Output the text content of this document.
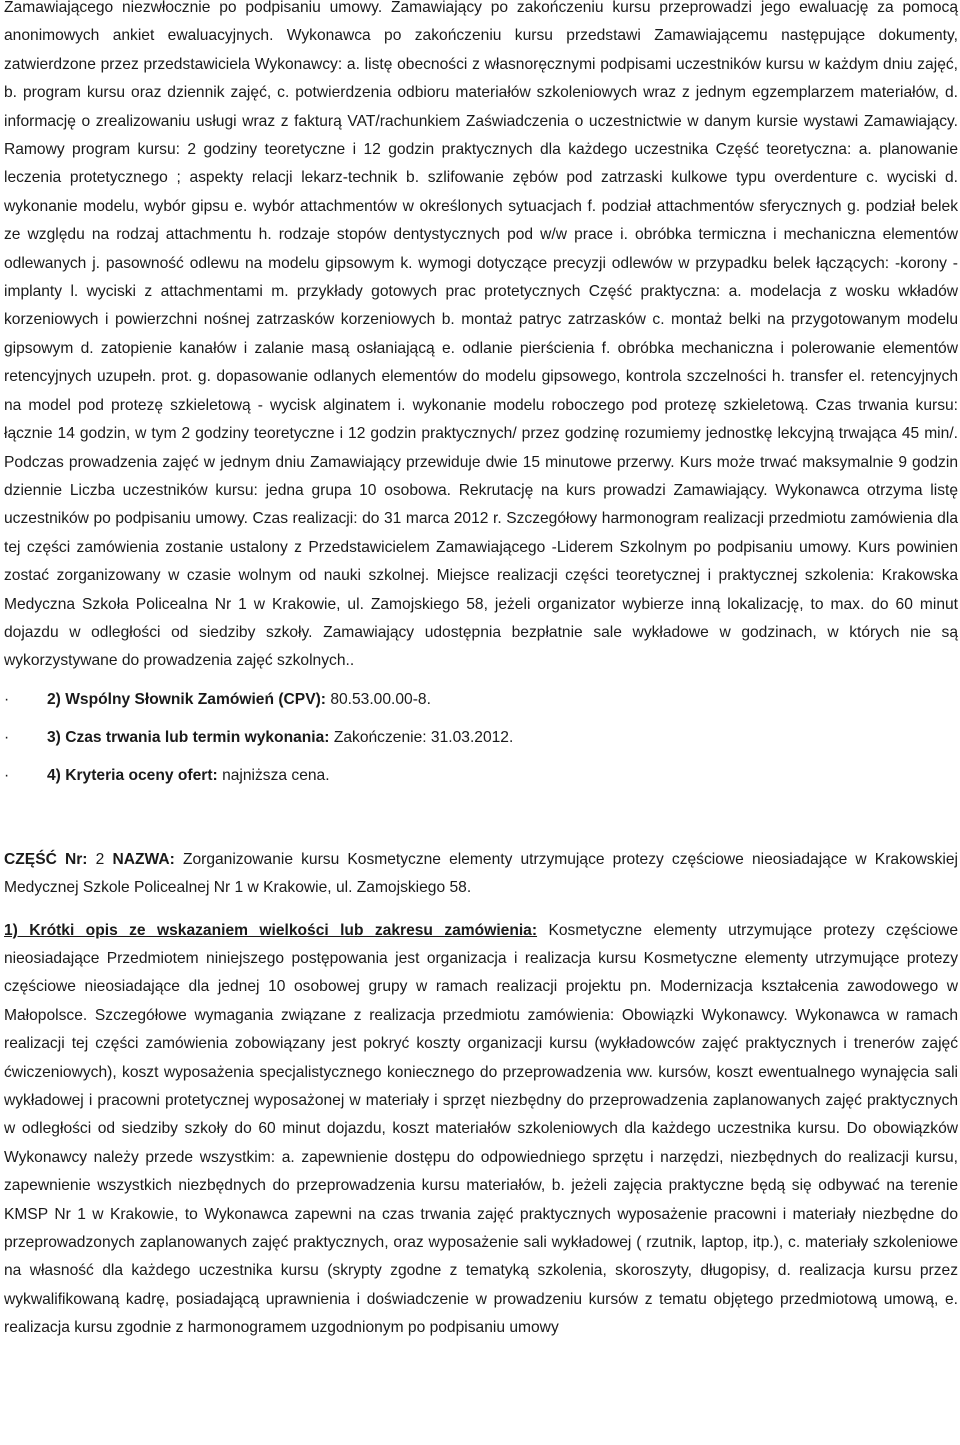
Zamawiającego niezwłocznie po podpisaniu umowy. Zamawiający po zakończeniu kursu przeprowadzi jego ewaluację za pomocą anonimowych ankiet ewaluacyjnych. Wykonawca po zakończeniu kursu przedstawi Zamawiającemu następujące dokumenty, zatwierdzone przez przedstawiciela Wykonawcy: a. listę obecności z własnoręcznymi podpisami uczestników kursu w każdym dniu zajęć, b. program kursu oraz dziennik zajęć, c. potwierdzenia odbioru materiałów szkoleniowych wraz z jednym egzemplarzem materiałów, d. informację o zrealizowaniu usługi wraz z fakturą VAT/rachunkiem Zaświadczenia o uczestnictwie w danym kursie wystawi Zamawiający. Ramowy program kursu: 2 godziny teoretyczne i 12 godzin praktycznych dla każdego uczestnika Część teoretyczna: a. planowanie leczenia protetycznego ; aspekty relacji lekarz-technik b. szlifowanie zębów pod zatrzaski kulkowe typu overdenture c. wyciski d. wykonanie modelu, wybór gipsu e. wybór attachmentów w określonych sytuacjach f. podział attachmentów sferycznych g. podział belek ze względu na rodzaj attachmentu h. rodzaje stopów dentystycznych pod w/w prace i. obróbka termiczna i mechaniczna elementów odlewanych j. pasowność odlewu na modelu gipsowym k. wymogi dotyczące precyzji odlewów w przypadku belek łączących: -korony -implanty l. wyciski z attachmentami m. przykłady gotowych prac protetycznych Część praktyczna: a. modelacja z wosku wkładów korzeniowych i powierzchni nośnej zatrzasków korzeniowych b. montaż patryc zatrzasków c. montaż belki na przygotowanym modelu gipsowym d. zatopienie kanałów i zalanie masą osłaniającą e. odlanie pierścienia f. obróbka mechaniczna i polerowanie elementów retencyjnych uzupełn. prot. g. dopasowanie odlanych elementów do modelu gipsowego, kontrola szczelności h. transfer el. retencyjnych na model pod protezę szkieletową - wycisk alginatem i. wykonanie modelu roboczego pod protezę szkieletową. Czas trwania kursu: łącznie 14 godzin, w tym 2 godziny teoretyczne i 12 godzin praktycznych/ przez godzinę rozumiemy jednostkę lekcyjną trwająca 45 min/. Podczas prowadzenia zajęć w jednym dniu Zamawiający przewiduje dwie 15 minutowe przerwy. Kurs może trwać maksymalnie 9 godzin dziennie Liczba uczestników kursu: jedna grupa 10 osobowa. Rekrutację na kurs prowadzi Zamawiający. Wykonawca otrzyma listę uczestników po podpisaniu umowy. Czas realizacji: do 31 marca 2012 r. Szczegółowy harmonogram realizacji przedmiotu zamówienia dla tej części zamówienia zostanie ustalony z Przedstawicielem Zamawiającego -Liderem Szkolnym po podpisaniu umowy. Kurs powinien zostać zorganizowany w czasie wolnym od nauki szkolnej. Miejsce realizacji części teoretycznej i praktycznej szkolenia: Krakowska Medyczna Szkoła Policealna Nr 1 w Krakowie, ul. Zamojskiego 58, jeżeli organizator wybierze inną lokalizację, to max. do 60 minut dojazdu w odległości od siedziby szkoły. Zamawiający udostępnia bezpłatnie sale wykładowe w godzinach, w których nie są wykorzystywane do prowadzenia zajęć szkolnych..

· 2) Wspólny Słownik Zamówień (CPV): 80.53.00.00-8.
· 3) Czas trwania lub termin wykonania: Zakończenie: 31.03.2012.
· 4) Kryteria oceny ofert: najniższa cena.

CZĘŚĆ Nr: 2 NAZWA: Zorganizowanie kursu Kosmetyczne elementy utrzymujące protezy częściowe nieosiadające w Krakowskiej Medycznej Szkole Policealnej Nr 1 w Krakowie, ul. Zamojskiego 58.

1) Krótki opis ze wskazaniem wielkości lub zakresu zamówienia: Kosmetyczne elementy utrzymujące protezy częściowe nieosiadające Przedmiotem niniejszego postępowania jest organizacja i realizacja kursu Kosmetyczne elementy utrzymujące protezy częściowe nieosiadające dla jednej 10 osobowej grupy w ramach realizacji projektu pn. Modernizacja kształcenia zawodowego w Małopolsce. Szczegółowe wymagania związane z realizacja przedmiotu zamówienia: Obowiązki Wykonawcy. Wykonawca w ramach realizacji tej części zamówienia zobowiązany jest pokryć koszty organizacji kursu (wykładowców zajęć praktycznych i trenerów zajęć ćwiczeniowych), koszt wyposażenia specjalistycznego koniecznego do przeprowadzenia ww. kursów, koszt ewentualnego wynajęcia sali wykładowej i pracowni protetycznej wyposażonej w materiały i sprzęt niezbędny do przeprowadzenia zaplanowanych zajęć praktycznych w odległości od siedziby szkoły do 60 minut dojazdu, koszt materiałów szkoleniowych dla każdego uczestnika kursu. Do obowiązków Wykonawcy należy przede wszystkim: a. zapewnienie dostępu do odpowiedniego sprzętu i narzędzi, niezbędnych do realizacji kursu, zapewnienie wszystkich niezbędnych do przeprowadzenia kursu materiałów, b. jeżeli zajęcia praktyczne będą się odbywać na terenie KMSP Nr 1 w Krakowie, to Wykonawca zapewni na czas trwania zajęć praktycznych wyposażenie pracowni i materiały niezbędne do przeprowadzonych zaplanowanych zajęć praktycznych, oraz wyposażenie sali wykładowej ( rzutnik, laptop, itp.), c. materiały szkoleniowe na własność dla każdego uczestnika kursu (skrypty zgodne z tematyką szkolenia, skoroszyty, długopisy, d. realizacja kursu przez wykwalifikowaną kadrę, posiadającą uprawnienia i doświadczenie w prowadzeniu kursów z tematu objętego przedmiotową umową, e. realizacja kursu zgodnie z harmonogramem uzgodnionym po podpisaniu umowy
